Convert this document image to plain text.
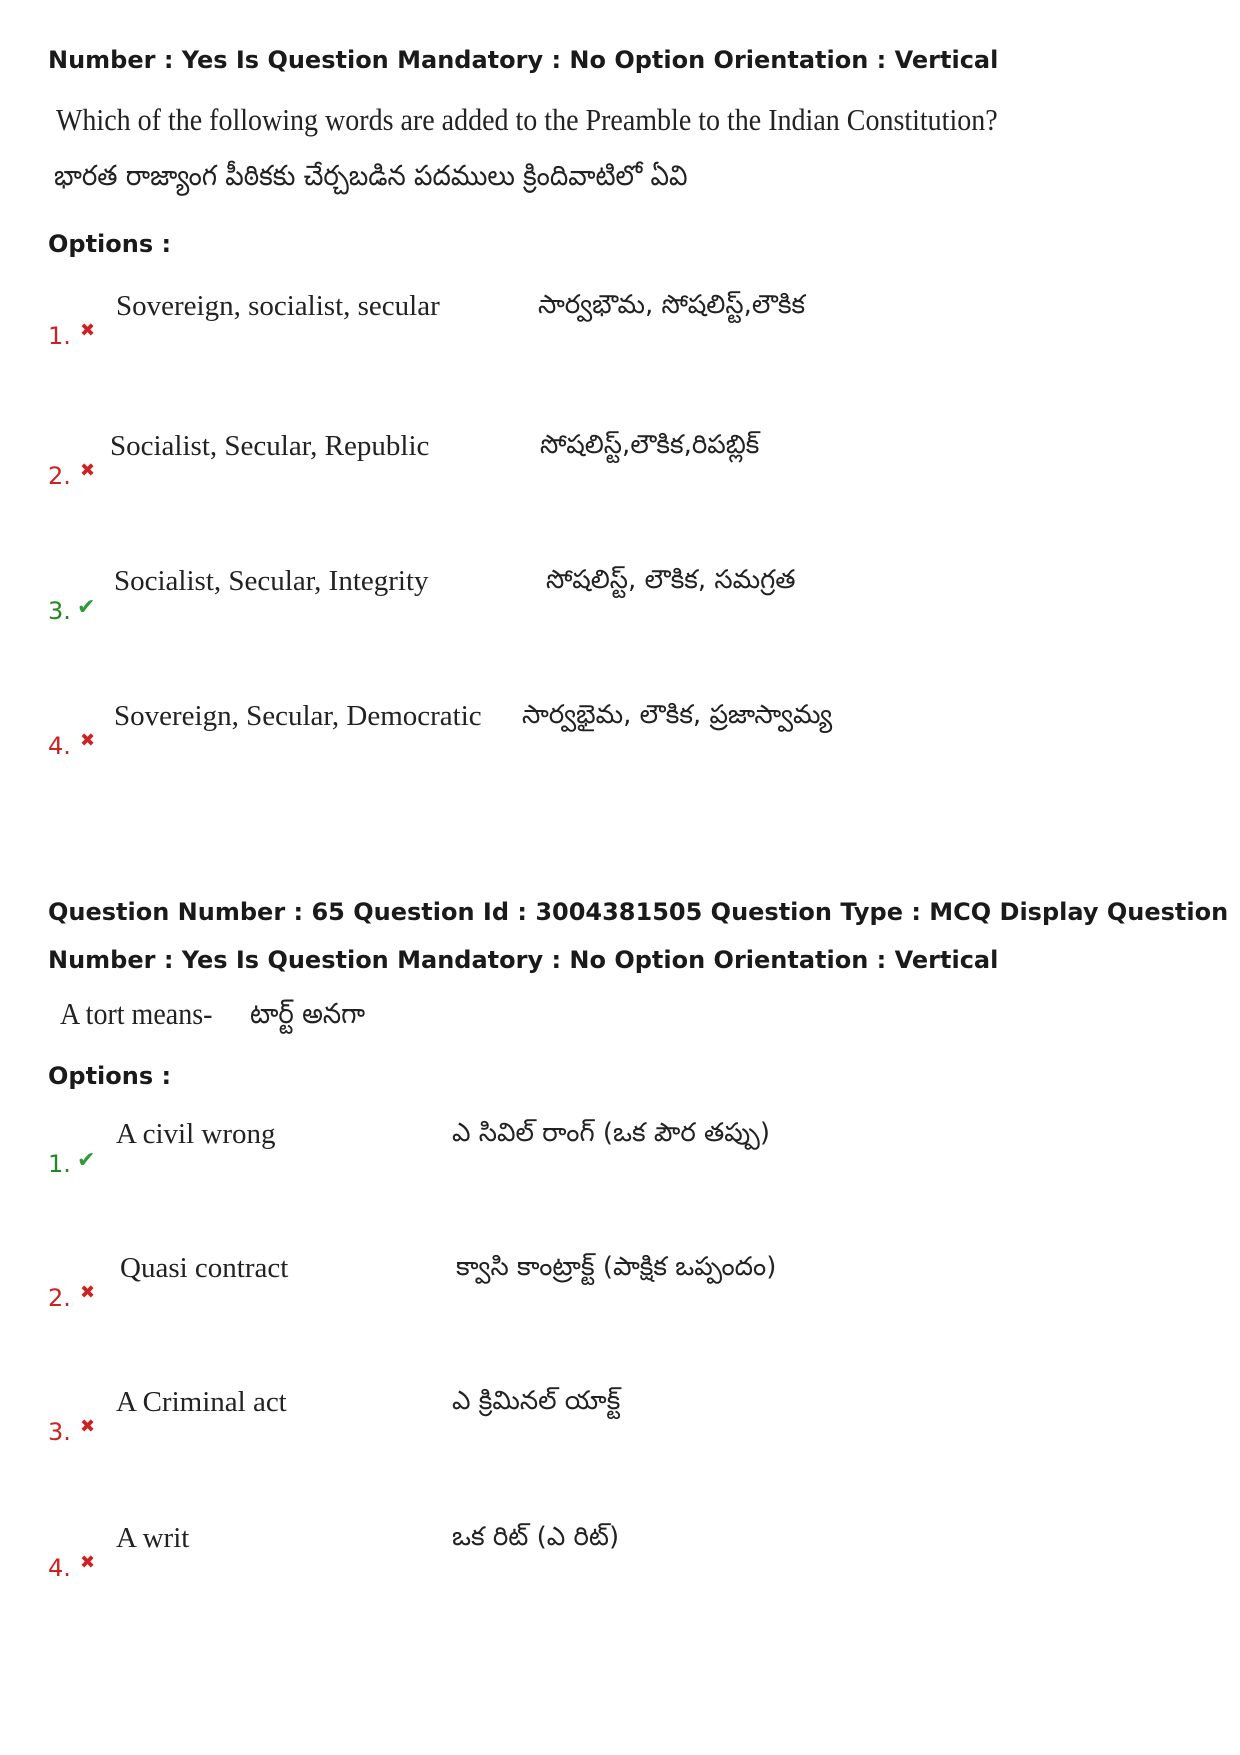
Number : Yes Is Question Mandatory : No Option Orientation : Vertical
Which of the following words are added to the Preamble to the Indian Constitution?
భారత రాజ్యాంగ పీఠికకు చేర్చబడిన పదములు క్రిందివాటిలో ఏవి
Options :
1. ✖
Sovereign, socialist, secular	సార్వభౌమ, సోషలిస్ట్,లౌకిక
2. ✖
Socialist, Secular, Republic	సోషలిస్ట్,లౌకిక,రిపబ్లిక్
3. ✔
Socialist, Secular, Integrity	సోషలిస్ట్, లౌకిక, సమగ్రత
4. ✖
Sovereign, Secular, Democratic సార్వభైమ, లౌకిక, ప్రజాస్వామ్య
Question Number : 65 Question Id : 3004381505 Question Type : MCQ Display Question
Number : Yes Is Question Mandatory : No Option Orientation : Vertical
A tort means- టార్ట్ అనగా
Options :
1. ✔
A civil wrong	ఎ సివిల్ రాంగ్ (ఒక పౌర తప్పు)
2. ✖
Quasi contract	క్వాసి కాంట్రాక్ట్ (పాక్షిక ఒప్పందం)
3. ✖
A Criminal act	ఎ క్రిమినల్ యాక్ట్
4. ✖
A writ	ఒక రిట్ (ఎ రిట్)
